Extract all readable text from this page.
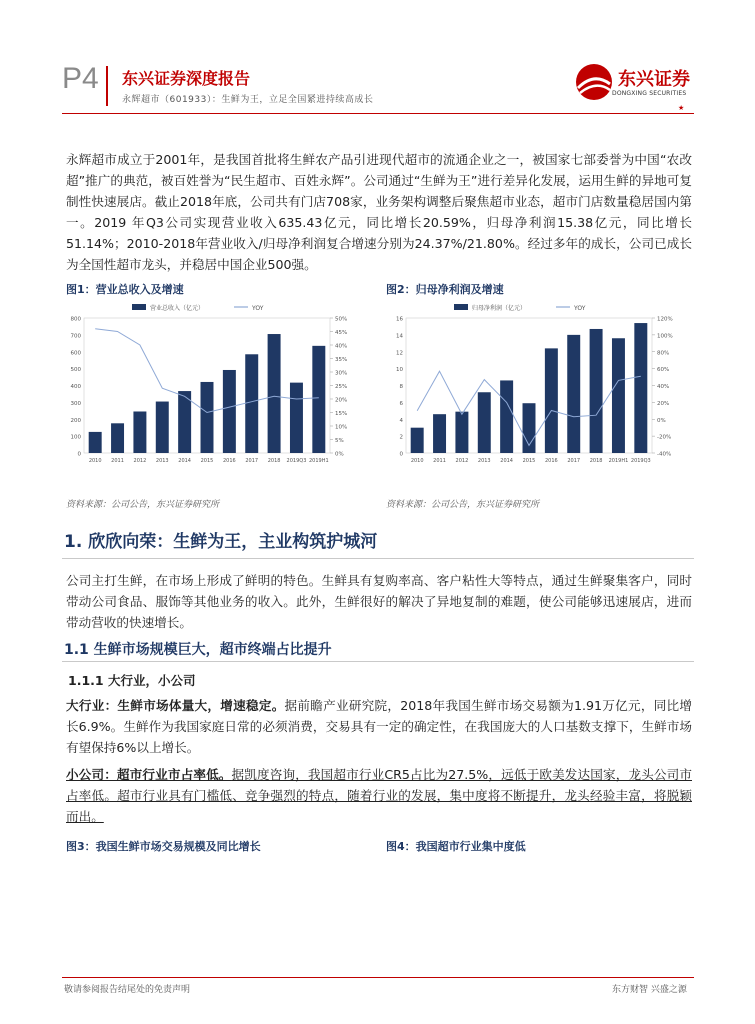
P4 东兴证券深度报告
永辉超市（601933）：生鲜为王，立足全国紧进持续高成长
东兴证券
DONGXING SECURITIES
★
永辉超市成立于2001年，是我国首批将生鲜农产品引进现代超市的流通企业之一，被国家七部委誉为中国“农改超”推广的典范，被百姓誉为“民生超市、百姓永辉”。公司通过“生鲜为王”进行差异化发展，运用生鲜的异地可复制性快速展店。截止2018年底，公司共有门店708家，业务架构调整后聚焦超市业态，超市门店数量稳居国内第一。2019 年Q3公司实现营业收入635.43亿元，同比增长20.59%，归母净利润15.38亿元，同比增长51.14%；2010-2018年营业收入/归母净利润复合增速分别为24.37%/21.80%。经过多年的成长，公司已成长为全国性超市龙头，并稳居中国企业500强。
图1：营业总收入及增速	图2：归母净利润及增速
0
100
200
300
400
500
600
700
800
0%
5%
10%
15%
20%
25%
30%
35%
40%
45%
50%
2010 2011 2012 2013 2014 2015 2016 2017 2018 2019Q3 2019H1
营业总收入（亿元）	YOY
0
2
4
6
8
10
12
14
16
-40%
-20%
0%
20%
40%
60%
80%
100%
120%
2010 2011 2012 2013 2014 2015 2016 2017 2018 2019H1 2019Q3
归母净利润（亿元）	YOY
资料来源：公司公告，东兴证券研究所	资料来源：公司公告，东兴证券研究所
1. 欣欣向荣：生鲜为王，主业构筑护城河
公司主打生鲜，在市场上形成了鲜明的特色。生鲜具有复购率高、客户粘性大等特点，通过生鲜聚集客户，同时带动公司食品、服饰等其他业务的收入。此外，生鲜很好的解决了异地复制的难题，使公司能够迅速展店，进而带动营收的快速增长。
1.1 生鲜市场规模巨大，超市终端占比提升
1.1.1 大行业，小公司
大行业：生鲜市场体量大，增速稳定。据前瞻产业研究院，2018年我国生鲜市场交易额为1.91万亿元，同比增长6.9%。生鲜作为我国家庭日常的必须消费，交易具有一定的确定性，在我国庞大的人口基数支撑下，生鲜市场有望保持6%以上增长。
小公司：超市行业市占率低。据凯度咨询，我国超市行业CR5占比为27.5%，远低于欧美发达国家，龙头公司市占率低。超市行业具有门槛低、竞争强烈的特点，随着行业的发展，集中度将不断提升，龙头经验丰富，将脱颖而出。
图3：我国生鲜市场交易规模及同比增长	图4：我国超市行业集中度低
敬请参阅报告结尾处的免责声明	东方财智 兴盛之源
